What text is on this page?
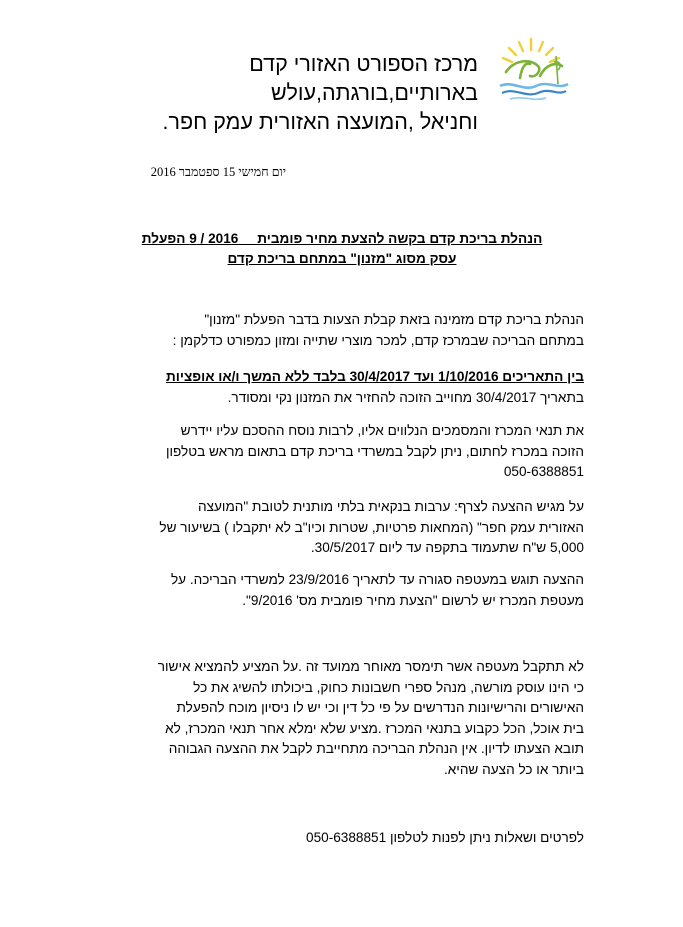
מרכז הספורט האזורי קדם בארותיים,בורגתה,עולש
וחניאל ,המועצה האזורית עמק חפר.
יום חמישי 15 ספטמבר 2016
הנהלת בריכת קדם בקשה להצעת מחיר פומבית __2016 / 9 הפעלת
עסק מסוג "מזנון" במתחם בריכת קדם
הנהלת בריכת קדם מזמינה בזאת קבלת הצעות בדבר הפעלת "מזנון"
במתחם הבריכה שבמרכז קדם, למכר מוצרי שתייה ומזון כמפורט כדלקמן :
בין התאריכים 1/10/2016 ועד 30/4/2017 בלבד ללא המשך ו/או אופציות
בתאריך 30/4/2017 מחוייב הזוכה להחזיר את המזנון נקי ומסודר.
את תנאי המכרז והמסמכים הנלווים אליו, לרבות נוסח ההסכם עליו יידרש
הזוכה במכרז לחתום, ניתן לקבל במשרדי בריכת קדם בתאום מראש בטלפון
050-6388851
על מגיש ההצעה לצרף: ערבות בנקאית בלתי מותנית לטובת "המועצה
האזורית עמק חפר" (המחאות פרטיות, שטרות וכיו"ב לא יתקבלו ) בשיעור של
5,000 ש"ח שתעמוד בתקפה עד ליום 30/5/2017.
ההצעה תוגש במעטפה סגורה עד לתאריך 23/9/2016 למשרדי הבריכה. על
מעטפת המכרז יש לרשום "הצעת מחיר פומבית מס' 9/2016".
לא תתקבל מעטפה אשר תימסר מאוחר ממועד זה .על המציע להמציא אישור
כי הינו עוסק מורשה, מנהל ספרי חשבונות כחוק, ביכולתו להשיג את כל
האישורים והרישיונות הנדרשים על פי כל דין וכי יש לו ניסיון מוכח להפעלת
בית אוכל, הכל כקבוע בתנאי המכרז .מציע שלא ימלא אחר תנאי המכרז, לא
תובא הצעתו לדיון. אין הנהלת הבריכה מתחייבת לקבל את ההצעה הגבוהה
ביותר או כל הצעה שהיא.
לפרטים ושאלות ניתן לפנות לטלפון 050-6388851
